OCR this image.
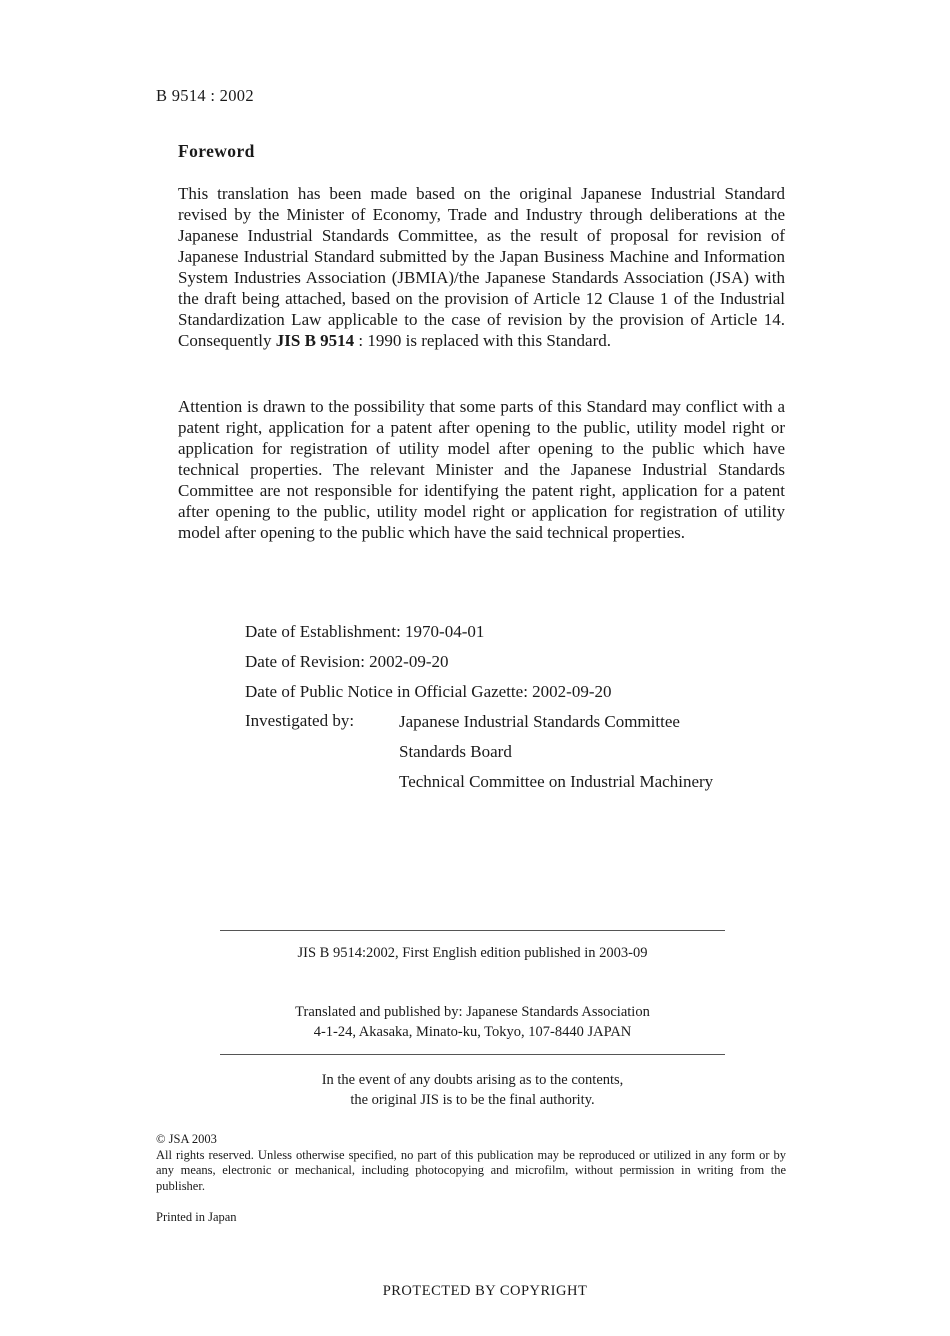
B 9514 : 2002
Foreword
This translation has been made based on the original Japanese Industrial Standard revised by the Minister of Economy, Trade and Industry through deliberations at the Japanese Industrial Standards Committee, as the result of proposal for revision of Japanese Industrial Standard submitted by the Japan Business Machine and Information System Industries Association (JBMIA)/the Japanese Standards Association (JSA) with the draft being attached, based on the provision of Article 12 Clause 1 of the Industrial Standardization Law applicable to the case of revision by the provision of Article 14. Consequently JIS B 9514 : 1990 is replaced with this Standard.
Attention is drawn to the possibility that some parts of this Standard may conflict with a patent right, application for a patent after opening to the public, utility model right or application for registration of utility model after opening to the public which have technical properties. The relevant Minister and the Japanese Industrial Standards Committee are not responsible for identifying the patent right, application for a patent after opening to the public, utility model right or application for registration of utility model after opening to the public which have the said technical properties.
Date of Establishment: 1970-04-01
Date of Revision: 2002-09-20
Date of Public Notice in Official Gazette: 2002-09-20
Investigated by:	Japanese Industrial Standards Committee
Standards Board
Technical Committee on Industrial Machinery
JIS B 9514:2002, First English edition published in 2003-09
Translated and published by: Japanese Standards Association
4-1-24, Akasaka, Minato-ku, Tokyo, 107-8440 JAPAN
In the event of any doubts arising as to the contents,
the original JIS is to be the final authority.
© JSA 2003
All rights reserved. Unless otherwise specified, no part of this publication may be reproduced or utilized in any form or by any means, electronic or mechanical, including photocopying and microfilm, without permission in writing from the publisher.
Printed in Japan
PROTECTED BY COPYRIGHT
